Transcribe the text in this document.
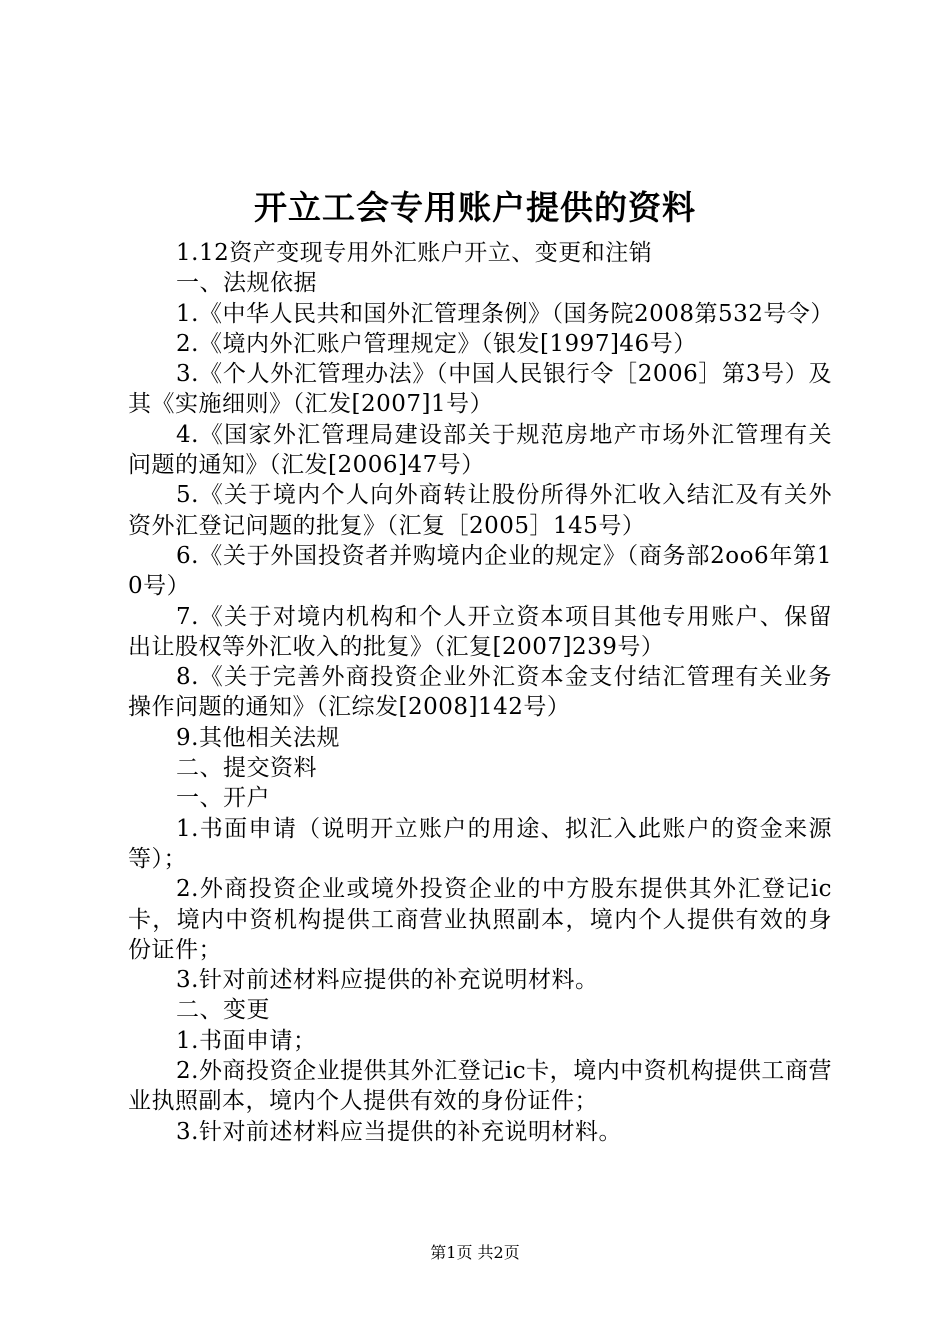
开立工会专用账户提供的资料

1.12资产变现专用外汇账户开立、变更和注销

一、法规依据

1.《中华人民共和国外汇管理条例》（国务院2008第532号令）

2.《境内外汇账户管理规定》（银发[1997]46号）

3.《个人外汇管理办法》（中国人民银行令［2006］第3号）及其《实施细则》（汇发[2007]1号）

4.《国家外汇管理局建设部关于规范房地产市场外汇管理有关问题的通知》（汇发[2006]47号）

5.《关于境内个人向外商转让股份所得外汇收入结汇及有关外资外汇登记问题的批复》（汇复［2005］145号）

6.《关于外国投资者并购境内企业的规定》（商务部2oo6年第10号）

7.《关于对境内机构和个人开立资本项目其他专用账户、保留出让股权等外汇收入的批复》（汇复[2007]239号）

8.《关于完善外商投资企业外汇资本金支付结汇管理有关业务操作问题的通知》（汇综发[2008]142号）

9.其他相关法规

二、提交资料

一、开户

1.书面申请（说明开立账户的用途、拟汇入此账户的资金来源等）；

2.外商投资企业或境外投资企业的中方股东提供其外汇登记ic卡，境内中资机构提供工商营业执照副本，境内个人提供有效的身份证件；

3.针对前述材料应提供的补充说明材料。

二、变更

1.书面申请；

2.外商投资企业提供其外汇登记ic卡，境内中资机构提供工商营业执照副本，境内个人提供有效的身份证件；

3.针对前述材料应当提供的补充说明材料。

第1页 共2页
